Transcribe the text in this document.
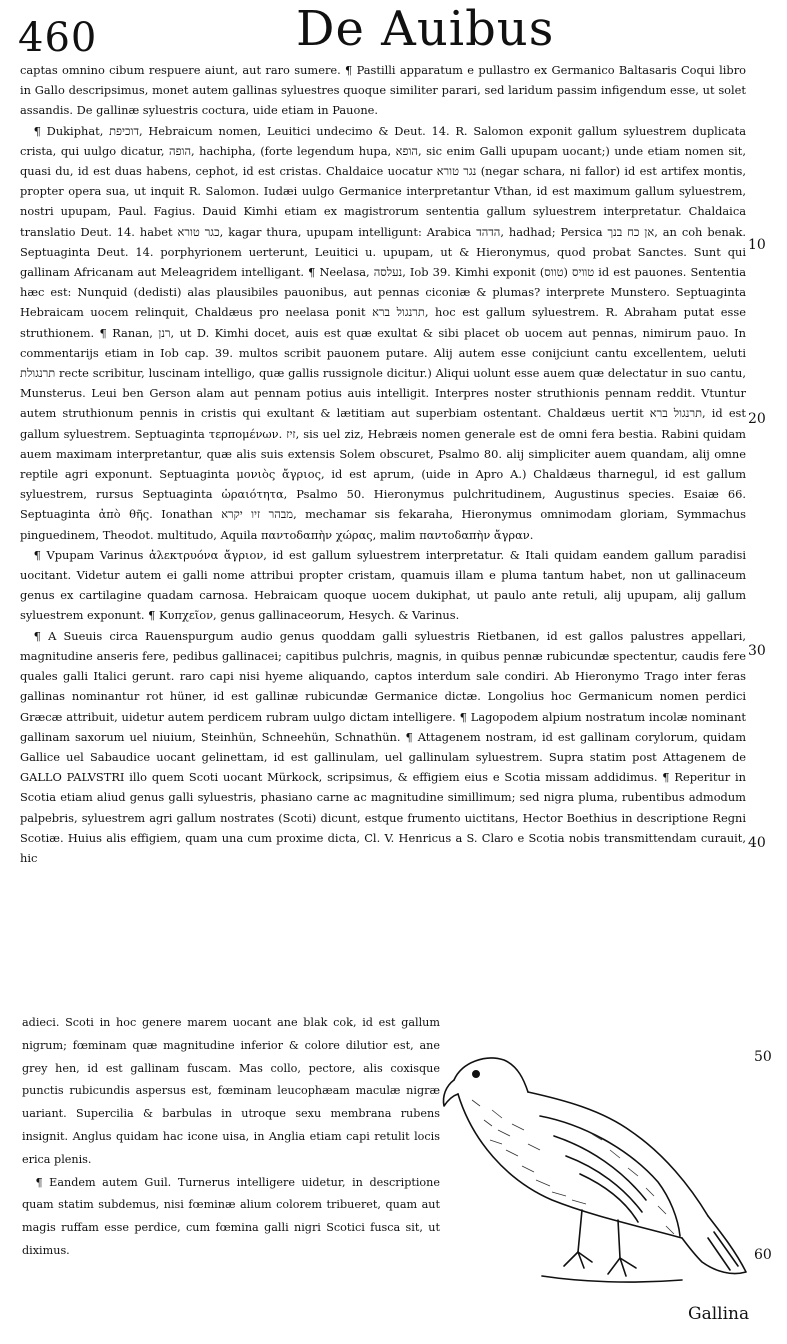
460	De Auibus

captas omnino cibum respuere aiunt, aut raro sumere. ¶ Pastilli apparatum e pullastro ex Germanico Baltasaris Coqui libro in Gallo descripsimus, monet autem gallinas syluestres quoque similiter parari, sed laridum passim infigendum esse, ut solet assandis. De gallinæ syluestris coctura, uide etiam in Pauone.

¶ Dukiphat, דוכיפת, Hebraicum nomen, Leuitici undecimo & Deut. 14. R. Salomon exponit gallum syluestrem duplicata crista, qui uulgo dicatur, הופה, hachipha, (forte legendum hupa, הופא, sic enim Galli upupam uocant;) unde etiam nomen sit, quasi du, id est duas habens, cephot, id est cristas. Chaldaice uocatur נגר טורא (negar schara, ni fallor) id est artifex montis, propter opera sua, ut inquit R. Salomon. Iudæi uulgo Germanice interpretantur Vthan, id est maximum gallum syluestrem, nostri upupam, Paul. Fagius. Dauid Kimhi etiam ex magistrorum sententia gallum syluestrem interpretatur. Chaldaica translatio Deut. 14. habet כגר טורא, kagar thura, upupam intelligunt: Arabica הדהד, hadhad; Persica אן כח בנך, an coh benak. Septuaginta Deut. 14. porphyrionem uerterunt, Leuitici u. upupam, ut & Hieronymus, quod probat Sanctes. Sunt qui gallinam Africanam aut Meleagridem intelligant. ¶ Neelasa, נעלסה, Iob 39. Kimhi exponit טוויס (טווס) id est pauones. Sententia hæc est: Nunquid (dedisti) alas plausibiles pauonibus, aut pennas ciconiæ & plumas? interprete Munstero. Septuaginta Hebraicam uocem relinquit, Chaldæus pro neelasa ponit תרנגול ברא, hoc est gallum syluestrem. R. Abraham putat esse struthionem. ¶ Ranan, רנן, ut D. Kimhi docet, auis est quæ exultat & sibi placet ob uocem aut pennas, nimirum pauo. In commentarijs etiam in Iob cap. 39. multos scribit pauonem putare. Alij autem esse conijciunt cantu excellentem, ueluti תרנגולת recte scribitur, luscinam intelligo, quæ gallis russignole dicitur.) Aliqui uolunt esse auem quæ delectatur in suo cantu, Munsterus. Leui ben Gerson alam aut pennam potius auis intelligit. Interpres noster struthionis pennam reddit. Vtuntur autem struthionum pennis in cristis qui exultant & lætitiam aut superbiam ostentant. Chaldæus uertit תרנגול ברא, id est gallum syluestrem. Septuaginta τερπομένων. זיז, sis uel ziz, Hebræis nomen generale est de omni fera bestia. Rabini quidam auem maximam interpretantur, quæ alis suis extensis Solem obscuret, Psalmo 80. alij simpliciter auem quandam, alij omne reptile agri exponunt. Septuaginta μονιὸς ἄγριος, id est aprum, (uide in Apro A.) Chaldæus tharnegul, id est gallum syluestrem, rursus Septuaginta ὡραιότητα, Psalmo 50. Hieronymus pulchritudinem, Augustinus species. Esaiæ 66. Septuaginta ἀπὸ θῆς. Ionathan מבהר זיו יקרא, mechamar sis fekaraha, Hieronymus omnimodam gloriam, Symmachus pinguedinem, Theodot. multitudo, Aquila παντοδαπὴν χώρας, malim παντοδαπὴν ἄγραν.

¶ Vpupam Varinus ἀλεκτρυόνα ἄγριον, id est gallum syluestrem interpretatur. & Itali quidam eandem gallum paradisi uocitant. Videtur autem ei galli nome attribui propter cristam, quamuis illam e pluma tantum habet, non ut gallinaceum genus ex cartilagine quadam carnosa. Hebraicam quoque uocem dukiphat, ut paulo ante retuli, alij upupam, alij gallum syluestrem exponunt. ¶ Κυπχεῖον, genus gallinaceorum, Hesych. & Varinus.

¶ A Sueuis circa Rauenspurgum audio genus quoddam galli syluestris Rietbanen, id est gallos palustres appellari, magnitudine anseris fere, pedibus gallinacei; capitibus pulchris, magnis, in quibus pennæ rubicundæ spectentur, caudis fere quales galli Italici gerunt. raro capi nisi hyeme aliquando, captos interdum sale condiri. Ab Hieronymo Trago inter feras gallinas nominantur rot hüner, id est gallinæ rubicundæ Germanice dictæ. Longolius hoc Germanicum nomen perdici Græcæ attribuit, uidetur autem perdicem rubram uulgo dictam intelligere. ¶ Lagopodem alpium nostratum incolæ nominant gallinam saxorum uel niuium, Steinhün, Schneehün, Schnathün. ¶ Attagenem nostram, id est gallinam corylorum, quidam Gallice uel Sabaudice uocant gelinettam, id est gallinulam, uel gallinulam syluestrem. Supra statim post Attagenem de GALLO PALVSTRI illo quem Scoti uocant Mürkock, scripsimus, & effigiem eius e Scotia missam addidimus. ¶ Reperitur in Scotia etiam aliud genus galli syluestris, phasiano carne ac magnitudine simillimum; sed nigra pluma, rubentibus admodum palpebris, syluestrem agri gallum nostrates (Scoti) dicunt, estque frumento uictitans, Hector Boethius in descriptione Regni Scotiæ. Huius alis effigiem, quam una cum proxime dicta, Cl. V. Henricus a S. Claro e Scotia nobis transmittendam curauit, hic

adieci. Scoti in hoc genere marem uocant ane blak cok, id est gallum nigrum; fœminam quæ magnitudine inferior & colore dilutior est, ane grey hen, id est gallinam fuscam. Mas collo, pectore, alis coxisque punctis rubicundis aspersus est, fœminam leucophæam maculæ nigræ uariant. Supercilia & barbulas in utroque sexu membrana rubens insignit. Anglus quidam hac icone uisa, in Anglia etiam capi retulit locis erica plenis.

¶ Eandem autem Guil. Turnerus intelligere uidetur, in descriptione quam statim subdemus, nisi fœminæ alium colorem tribueret, quam aut magis ruffam esse perdice, cum fœmina galli nigri Scotici fusca sit, ut diximus.

10
20
30
40
50
60
Gallina
